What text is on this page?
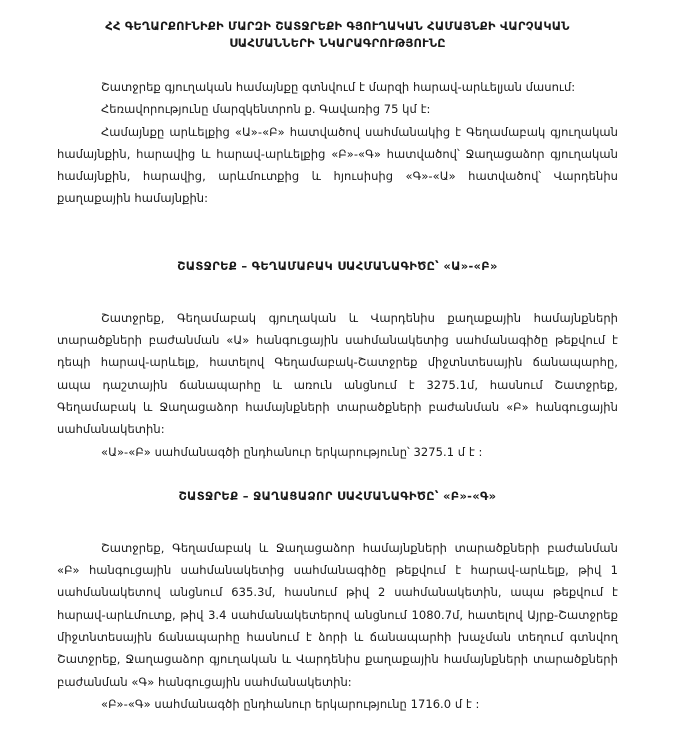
ՀՀ ԳԵՂԱՐՔՈՒՆԻՔԻ ՄԱՐԶԻ ՇԱՏՋՐԵՔԻ ԳՅՈՒՂԱԿԱՆ ՀԱՄԱՅՆՔԻ ՎԱՐՉԱԿԱՆ
ՍԱՀՄԱՆՆԵՐԻ ՆԿԱՐԱԳՐՈՒԹՅՈՒՆԸ

Շատջրեք գյուղական համայնքը գտնվում է մարզի հարավ-արևելյան մասում:

Հեռավորությունը մարզկենտրոն ք. Գավառից 75 կմ է:

Համայնքը արևելքից «Ա»-«Բ» հատվածով սահմանակից է Գեղամաբակ գյուղական համայնքին, հարավից և հարավ-արևելքից «Բ»-«Գ» հատվածով՝ Ջաղացաձոր գյուղական համայնքին, հարավից, արևմուտքից և հյուսիսից «Գ»-«Ա» հատվածով՝ Վարդենիս քաղաքային համայնքին:

ՇԱՏՋՐԵՔ – ԳԵՂԱՄԱԲԱԿ ՍԱՀՄԱՆԱԳԻԾԸ՝ «Ա»-«Բ»

Շատջրեք, Գեղամաբակ գյուղական և Վարդենիս քաղաքային համայնքների տարածքների բաժանման «Ա» հանգուցային սահմանակետից սահմանագիծը թեքվում է դեպի հարավ-արևելք, հատելով Գեղամաբակ-Շատջրեք միջտնտեսային ճանապարհը, ապա դաշտային ճանապարհը և առուն անցնում է 3275.1մ, հասնում Շատջրեք, Գեղամաբակ և Ջաղացաձոր համայնքների տարածքների բաժանման «Բ» հանգուցային սահմանակետին:

«Ա»-«Բ» սահմանագծի ընդհանուր երկարությունը՝ 3275.1 մ է :

ՇԱՏՋՐԵՔ – ՋԱՂԱՑԱՁՈՐ ՍԱՀՄԱՆԱԳԻԾԸ՝ «Բ»-«Գ»

Շատջրեք, Գեղամաբակ և Ջաղացաձոր համայնքների տարածքների բաժանման «Բ» հանգուցային սահմանակետից սահմանագիծը թեքվում է հարավ-արևելք, թիվ 1 սահմանակետով անցնում 635.3մ, հասնում թիվ 2 սահմանակետին, ապա թեքվում է հարավ-արևմուտք, թիվ 3.4 սահմանակետերով անցնում 1080.7մ, հատելով Այրք-Շատջրեք միջտնտեսային ճանապարհը հասնում է ձորի և ճանապարհի խաչման տեղում գտնվող Շատջրեք, Ջաղացաձոր գյուղական և Վարդենիս քաղաքային համայնքների տարածքների բաժանման «Գ» հանգուցային սահմանակետին:

«Բ»-«Գ» սահմանագծի ընդհանուր երկարությունը 1716.0 մ է :
